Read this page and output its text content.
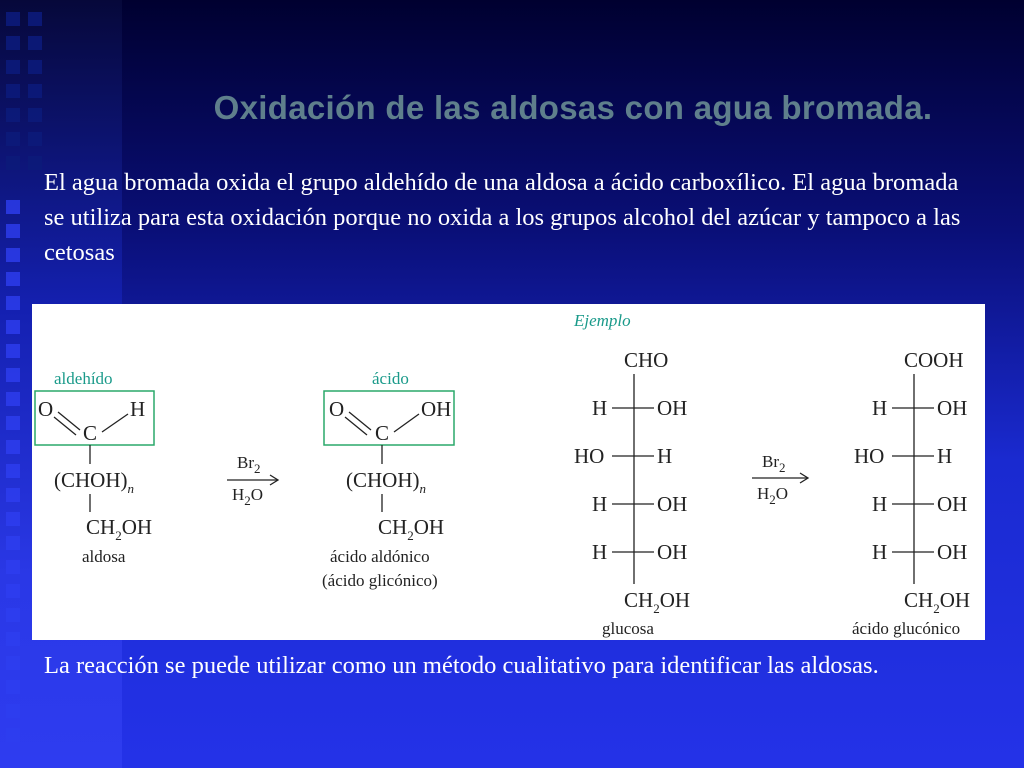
Oxidación de las aldosas con agua bromada.
El agua bromada oxida el grupo aldehído de una aldosa a ácido carboxílico. El agua bromada se utiliza para esta oxidación porque no oxida a los grupos alcohol del azúcar y tampoco a las cetosas
Ejemplo
aldehído
O	H
C
$(CHOH)_n$
$CH_2OH$
aldosa
$Br_2$
$H_2O$
ácido
O	OH
C
$(CHOH)_n$
$CH_2OH$
ácido aldónico
(ácido glicónico)
CHO
H OH
HO	H
H OH
H OH
$CH_2OH$
glucosa
$Br_2$
$H_2O$
COOH
H OH
HO	H
H OH
H OH
$CH_2OH$
ácido glucónico
La reacción se puede utilizar como un método cualitativo para identificar las aldosas.
